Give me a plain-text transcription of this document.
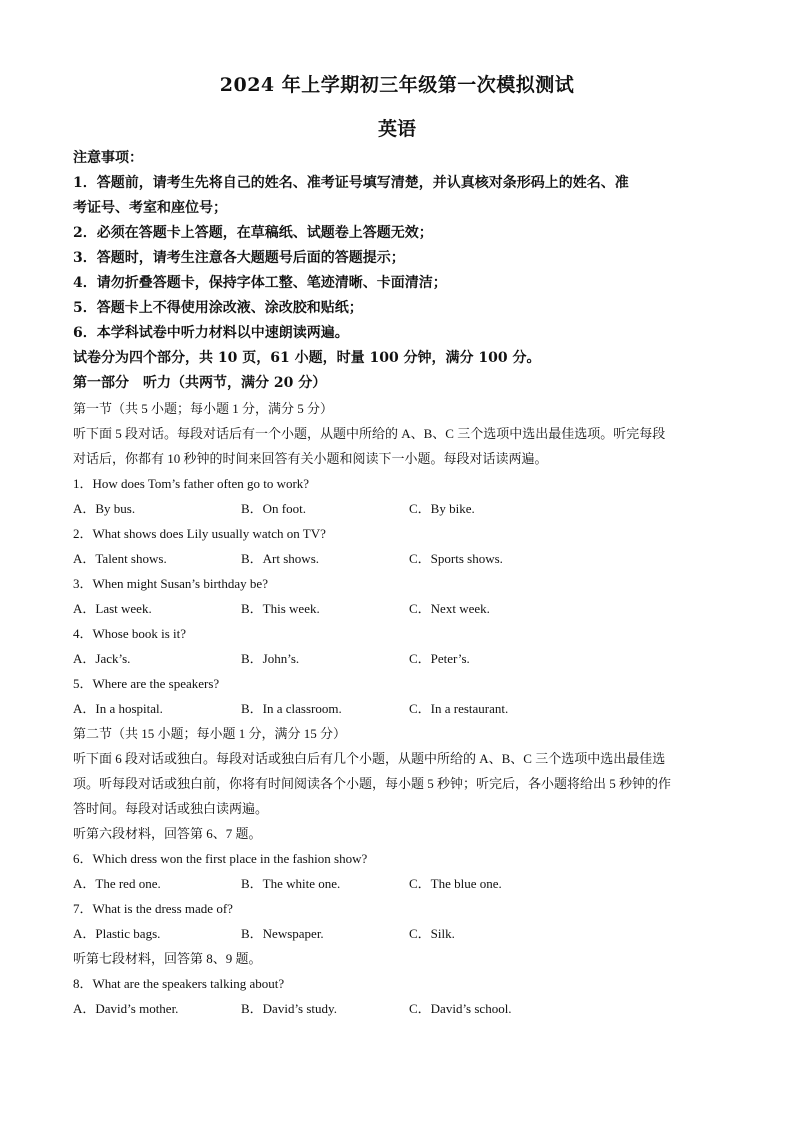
2024 年上学期初三年级第一次模拟测试
英语
注意事项：
1．答题前，请考生先将自己的姓名、准考证号填写清楚，并认真核对条形码上的姓名、准
考证号、考室和座位号；
2．必须在答题卡上答题，在草稿纸、试题卷上答题无效；
3．答题时，请考生注意各大题题号后面的答题提示；
4．请勿折叠答题卡，保持字体工整、笔迹清晰、卡面清洁；
5．答题卡上不得使用涂改液、涂改胶和贴纸；
6．本学科试卷中听力材料以中速朗读两遍。
试卷分为四个部分，共 10 页，61 小题，时量 100 分钟，满分 100 分。
第一部分　听力（共两节，满分 20 分）
第一节（共 5 小题；每小题 1 分，满分 5 分）
听下面 5 段对话。每段对话后有一个小题，从题中所给的 A、B、C 三个选项中选出最佳选项。听完每段
对话后，你都有 10 秒钟的时间来回答有关小题和阅读下一小题。每段对话读两遍。
1．How does Tom’s father often go to work?
A．By bus.	B．On foot.	C．By bike.
2．What shows does Lily usually watch on TV?
A．Talent shows.	B．Art shows.	C．Sports shows.
3．When might Susan’s birthday be?
A．Last week.	B．This week.	C．Next week.
4．Whose book is it?
A．Jack’s.	B．John’s.	C．Peter’s.
5．Where are the speakers?
A．In a hospital.	B．In a classroom.	C．In a restaurant.
第二节（共 15 小题；每小题 1 分，满分 15 分）
听下面 6 段对话或独白。每段对话或独白后有几个小题，从题中所给的 A、B、C 三个选项中选出最佳选
项。听每段对话或独白前，你将有时间阅读各个小题，每小题 5 秒钟；听完后，各小题将给出 5 秒钟的作
答时间。每段对话或独白读两遍。
听第六段材料，回答第 6、7 题。
6．Which dress won the first place in the fashion show?
A．The red one.	B．The white one.	C．The blue one.
7．What is the dress made of?
A．Plastic bags.	B．Newspaper.	C．Silk.
听第七段材料，回答第 8、9 题。
8．What are the speakers talking about?
A．David’s mother.	B．David’s study.	C．David’s school.
